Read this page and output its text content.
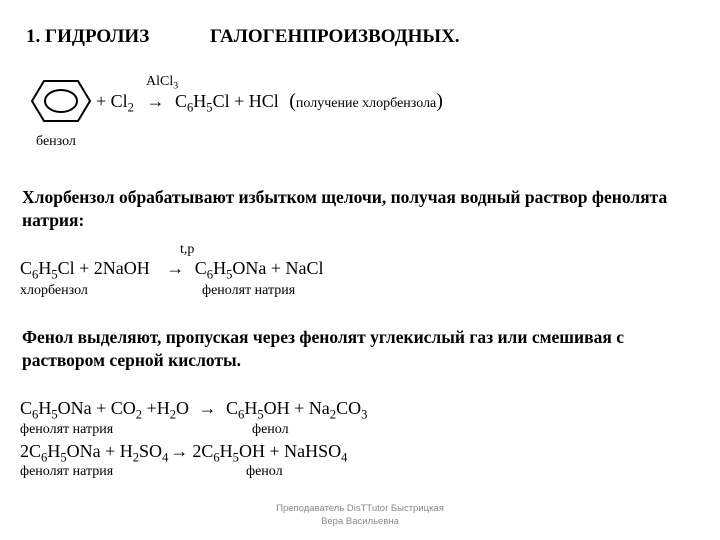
1. ГИДРОЛИЗ	ГАЛОГЕНПРОИЗВОДНЫХ.
AlCl$_3$
+ $Cl_2 \to C_6H_5Cl$ + HCl (получение хлорбензола)
бензол
Хлорбензол обрабатывают избытком щелочи, получая водный раствор фенолята натрия:
t,p
$C_6H_5Cl$ + 2NaOH → $C_6H_5ONa$ + NaCl
хлорбензол	фенолят натрия
Фенол выделяют, пропуская через фенолят углекислый газ или смешивая с раствором серной кислоты.
$C_6H_5ONa + CO_2 +H_2O \to C_6H_5OH + Na_2CO_3$
фенолят натрия	фенол
$2C_6H_5ONa + H_2SO_4 \to 2C_6H_5OH$ + NaHSO$_4$
фенолят натрия	фенол
Преподаватель DisTTutor Быстрицкая
Вера Васильевна
